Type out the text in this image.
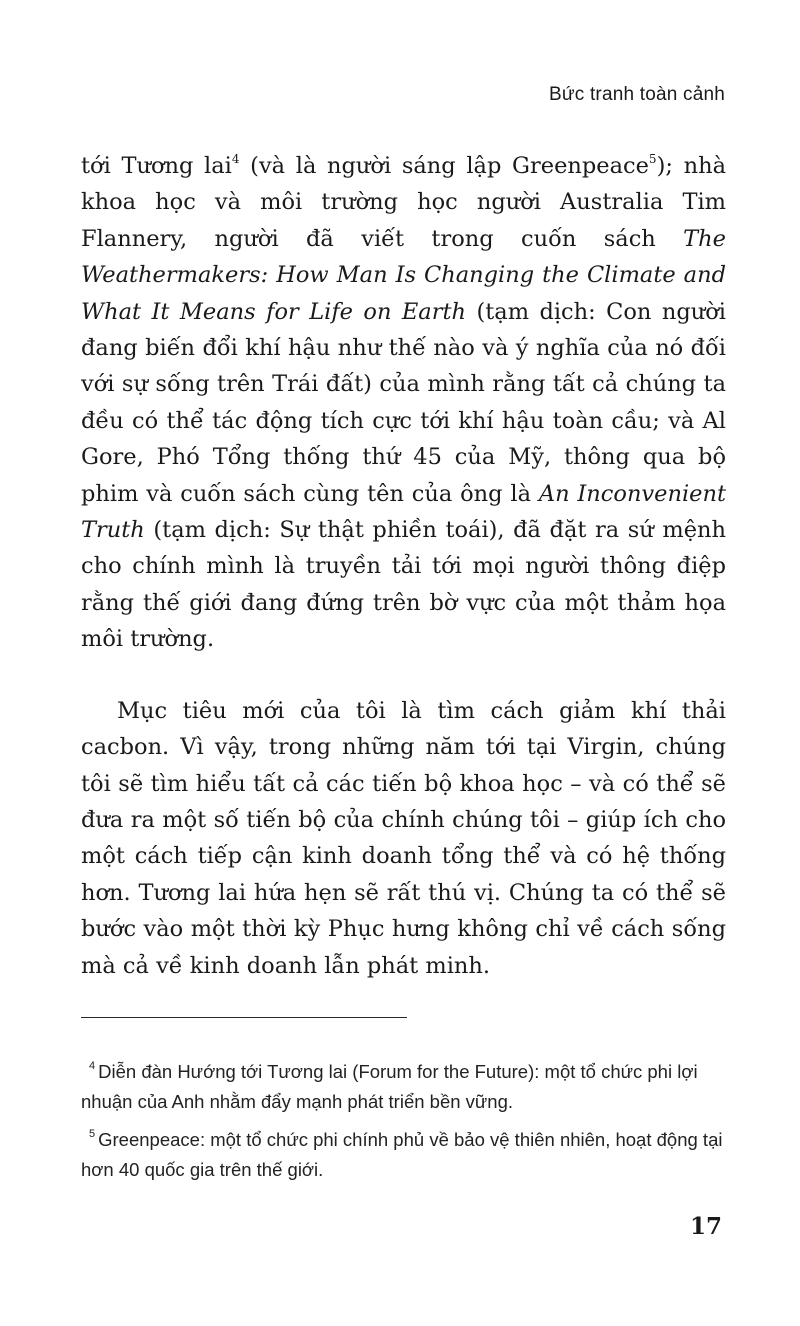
Bức tranh toàn cảnh

tới Tương lai$^4$ (và là người sáng lập Greenpeace$^5$); nhà khoa học và môi trường học người Australia Tim Flannery, người đã viết trong cuốn sách The Weathermakers: How Man Is Changing the Climate and What It Means for Life on Earth (tạm dịch: Con người đang biến đổi khí hậu như thế nào và ý nghĩa của nó đối với sự sống trên Trái đất) của mình rằng tất cả chúng ta đều có thể tác động tích cực tới khí hậu toàn cầu; và Al Gore, Phó Tổng thống thứ 45 của Mỹ, thông qua bộ phim và cuốn sách cùng tên của ông là An Inconvenient Truth (tạm dịch: Sự thật phiền toái), đã đặt ra sứ mệnh cho chính mình là truyền tải tới mọi người thông điệp rằng thế giới đang đứng trên bờ vực của một thảm họa môi trường.

Mục tiêu mới của tôi là tìm cách giảm khí thải cacbon. Vì vậy, trong những năm tới tại Virgin, chúng tôi sẽ tìm hiểu tất cả các tiến bộ khoa học – và có thể sẽ đưa ra một số tiến bộ của chính chúng tôi – giúp ích cho một cách tiếp cận kinh doanh tổng thể và có hệ thống hơn. Tương lai hứa hẹn sẽ rất thú vị. Chúng ta có thể sẽ bước vào một thời kỳ Phục hưng không chỉ về cách sống mà cả về kinh doanh lẫn phát minh.

$^4$ Diễn đàn Hướng tới Tương lai (Forum for the Future): một tổ chức phi lợi nhuận của Anh nhằm đẩy mạnh phát triển bền vững.

$^5$ Greenpeace: một tổ chức phi chính phủ về bảo vệ thiên nhiên, hoạt động tại hơn 40 quốc gia trên thế giới.

17
